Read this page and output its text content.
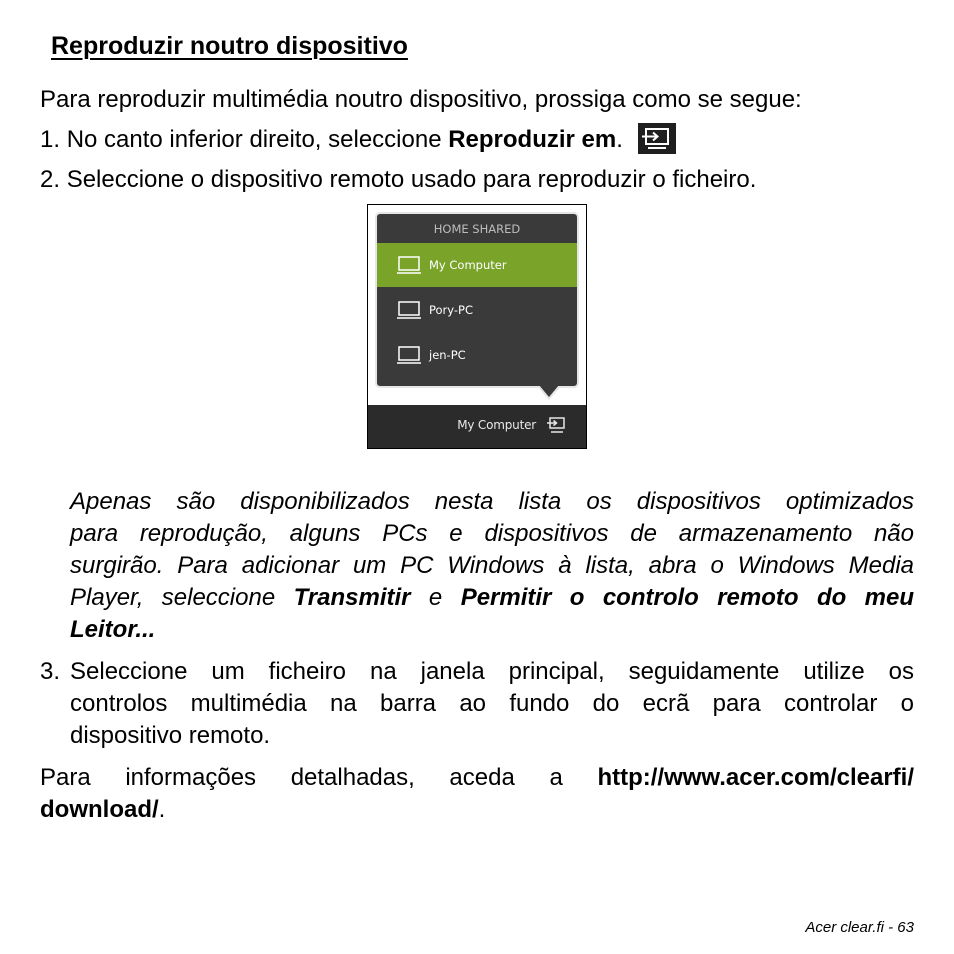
Reproduzir noutro dispositivo

Para reproduzir multimédia noutro dispositivo, prossiga como se segue:

1. No canto inferior direito, seleccione Reproduzir em.

2. Seleccione o dispositivo remoto usado para reproduzir o ficheiro.

HOME SHARED
My Computer
Pory-PC
jen-PC
My Computer
Apenas são disponibilizados nesta lista os dispositivos optimizados
para reprodução, alguns PCs e dispositivos de armazenamento não
surgirão. Para adicionar um PC Windows à lista, abra o Windows Media
Player, seleccione Transmitir e Permitir o controlo remoto do meu
Leitor...

3. Seleccione um ficheiro na janela principal, seguidamente utilize os
controlos multimédia na barra ao fundo do ecrã para controlar o
dispositivo remoto.
Para informações detalhadas, aceda a http://www.acer.com/clearfi/
download/.
Acer clear.fi - 63
